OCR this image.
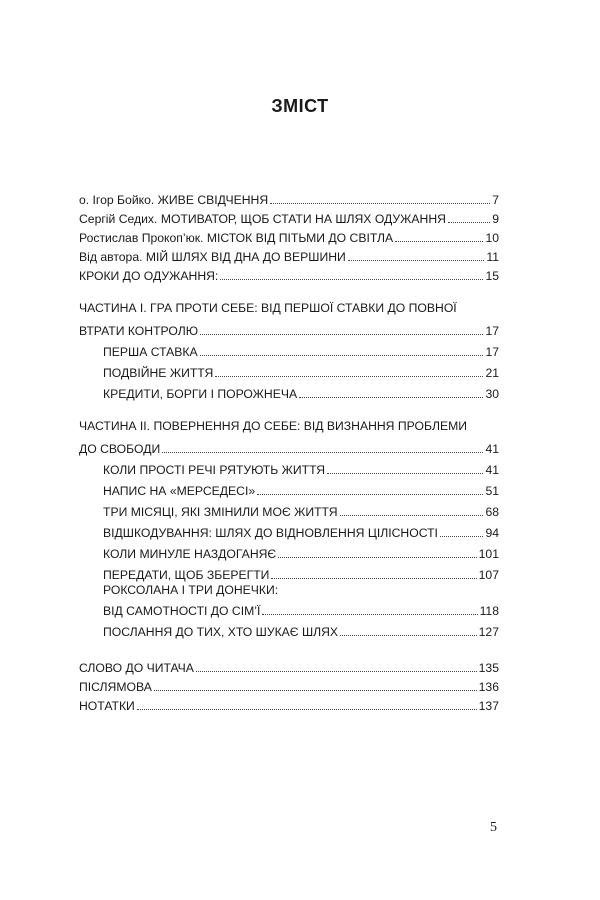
ЗМІСТ
о. Ігор Бойко. ЖИВЕ СВІДЧЕННЯ	7
Сергій Седих. МОТИВАТОР, ЩОБ СТАТИ НА ШЛЯХ ОДУЖАННЯ	9
Ростислав Прокоп’юк. МІСТОК ВІД ПІТЬМИ ДО СВІТЛА	10
Від автора. МІЙ ШЛЯХ ВІД ДНА ДО ВЕРШИНИ	11
КРОКИ ДО ОДУЖАННЯ:	15
ЧАСТИНА І. ГРА ПРОТИ СЕБЕ: ВІД ПЕРШОЇ СТАВКИ ДО ПОВНОЇ
ВТРАТИ КОНТРОЛЮ	17
ПЕРША СТАВКА	17
ПОДВІЙНЕ ЖИТТЯ	21
КРЕДИТИ, БОРГИ І ПОРОЖНЕЧА	30
ЧАСТИНА ІІ. ПОВЕРНЕННЯ ДО СЕБЕ: ВІД ВИЗНАННЯ ПРОБЛЕМИ
ДО СВОБОДИ	41
КОЛИ ПРОСТІ РЕЧІ РЯТУЮТЬ ЖИТТЯ	41
НАПИС НА «МЕРСЕДЕСІ»	51
ТРИ МІСЯЦІ, ЯКІ ЗМІНИЛИ МОЄ ЖИТТЯ	68
ВІДШКОДУВАННЯ: ШЛЯХ ДО ВІДНОВЛЕННЯ ЦІЛІСНОСТІ	94
КОЛИ МИНУЛЕ НАЗДОГАНЯЄ	101
ПЕРЕДАТИ, ЩОБ ЗБЕРЕГТИ	107
РОКСОЛАНА І ТРИ ДОНЕЧКИ:
ВІД САМОТНОСТІ ДО СІМ’Ї	118
ПОСЛАННЯ ДО ТИХ, ХТО ШУКАЄ ШЛЯХ	127
СЛОВО ДО ЧИТАЧА	135
ПІСЛЯМОВА	136
НОТАТКИ	137
5
